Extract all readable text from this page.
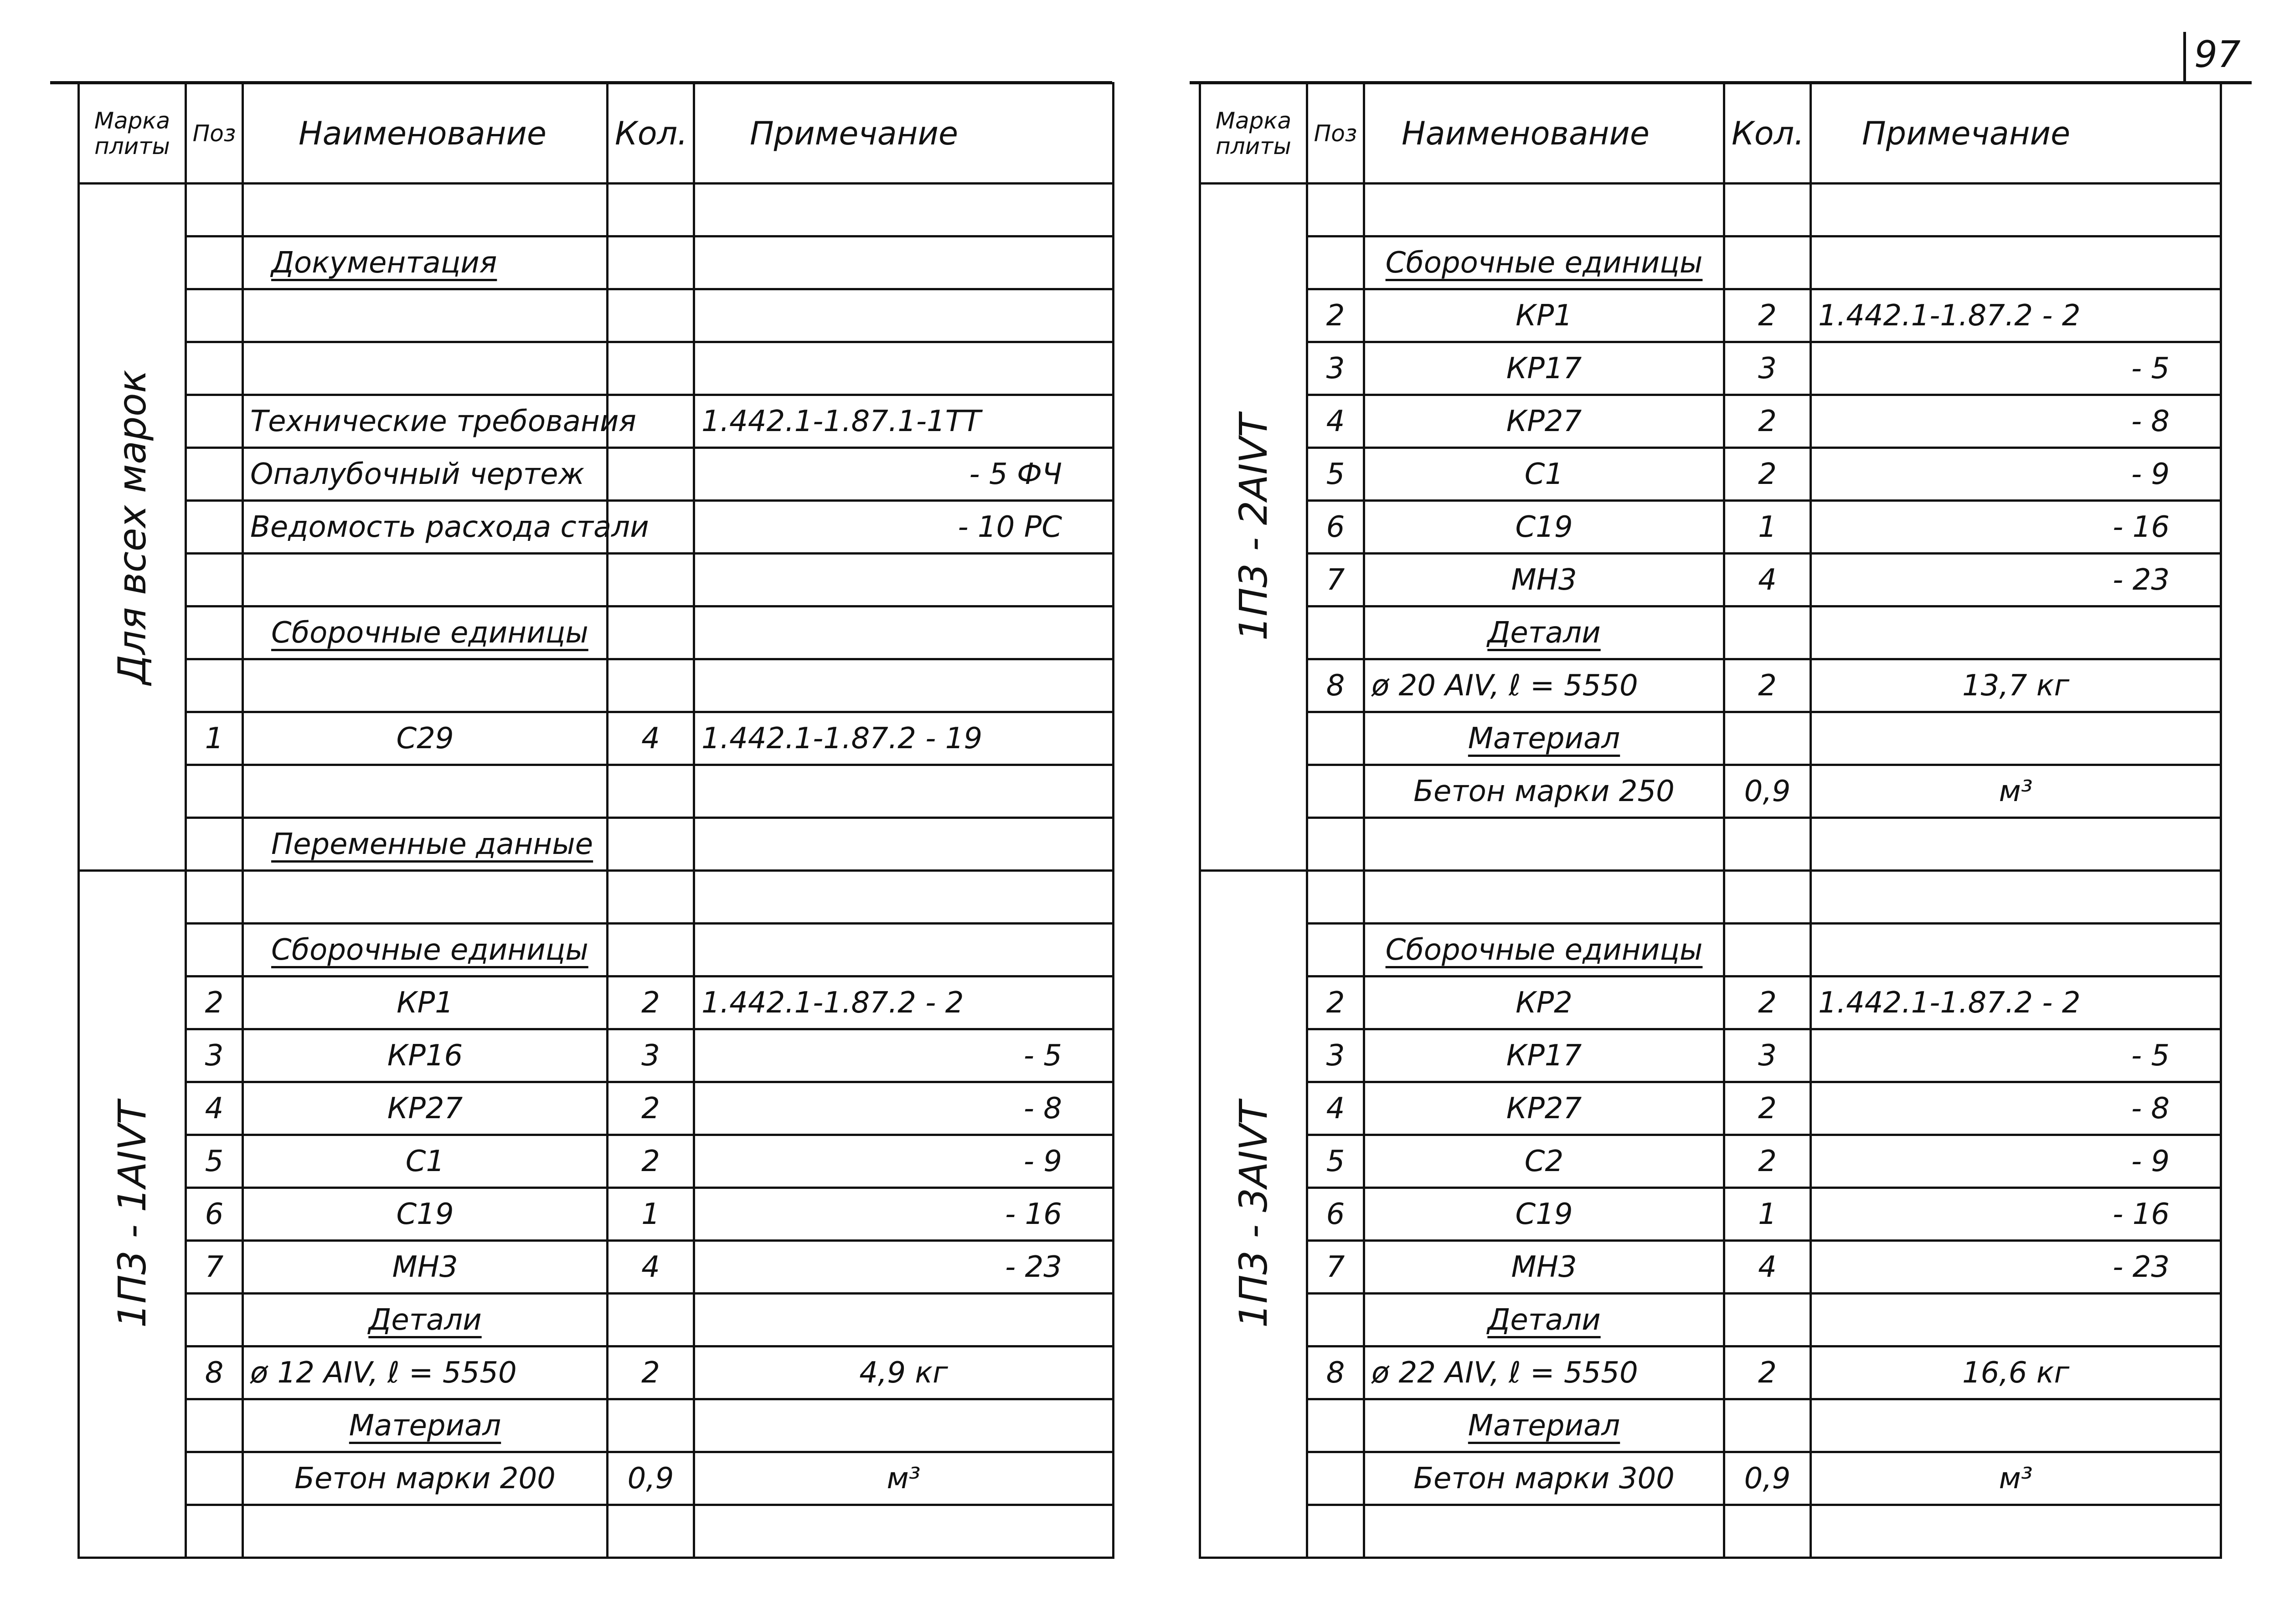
97
Марка плиты	Поз	Наименование	Кол.	Примечание

Для всех марок				

		Документация		

		Технические требования		1.442.1-1.87.1-1ТТ
		Опалубочный чертеж		- 5 ФЧ
		Ведомость расхода стали		- 10 РС

		Сборочные единицы		

	1	С29	4	1.442.1-1.87.2 - 19

		Переменные данные		

1П3 - 1АIVТ				

		Сборочные единицы		
	2	КР1	2	1.442.1-1.87.2 - 2
	3	КР16	3	- 5
	4	КР27	2	- 8
	5	С1	2	- 9
	6	С19	1	- 16
	7	МН3	4	- 23
		Детали		
	8	ø 12 АIV, ℓ = 5550	2	4,9 кг
		Материал		
		Бетон марки 200	0,9	м³

Марка плиты	Поз	Наименование	Кол.	Примечание

1П3 - 2АIVТ				

		Сборочные единицы		
	2	КР1	2	1.442.1-1.87.2 - 2
	3	КР17	3	- 5
	4	КР27	2	- 8
	5	С1	2	- 9
	6	С19	1	- 16
	7	МН3	4	- 23
		Детали		
	8	ø 20 АIV, ℓ = 5550	2	13,7 кг
		Материал		
		Бетон марки 250	0,9	м³

1П3 - 3АIVТ				

		Сборочные единицы		
	2	КР2	2	1.442.1-1.87.2 - 2
	3	КР17	3	- 5
	4	КР27	2	- 8
	5	С2	2	- 9
	6	С19	1	- 16
	7	МН3	4	- 23
		Детали		
	8	ø 22 АIV, ℓ = 5550	2	16,6 кг
		Материал		
		Бетон марки 300	0,9	м³
